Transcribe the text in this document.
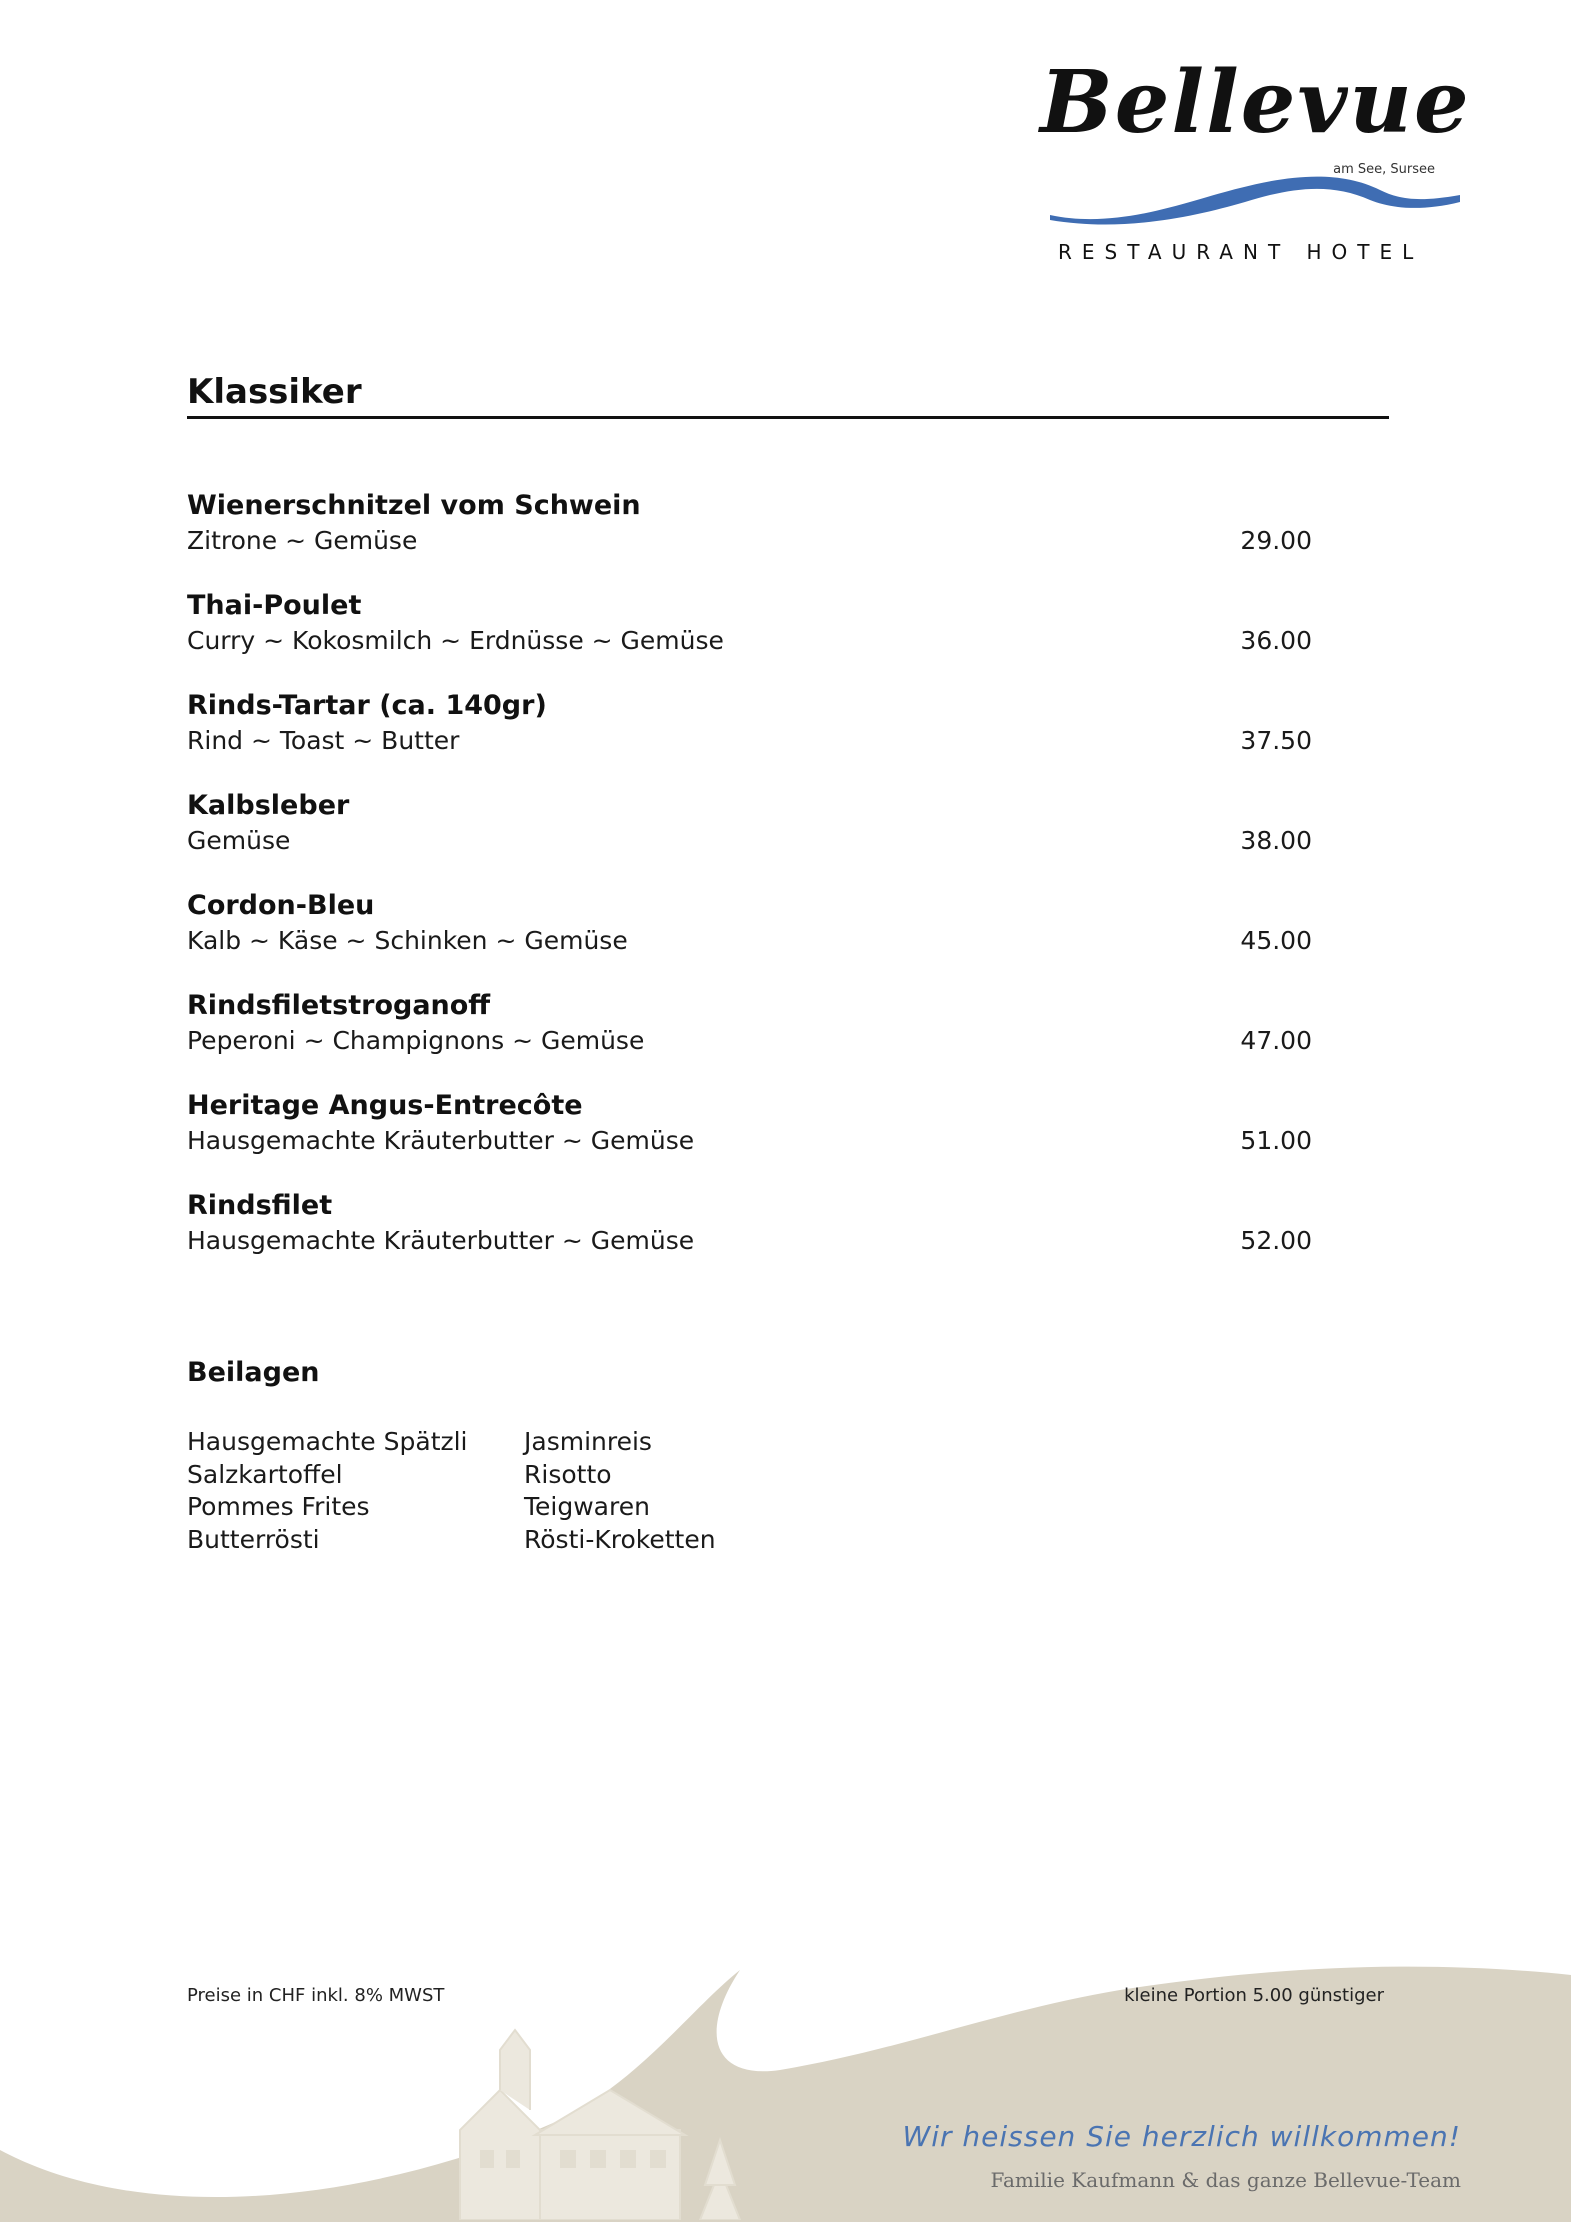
Bellevue
am See, Sursee
RESTAURANT HOTEL
Klassiker
Wienerschnitzel vom Schwein
Zitrone ~ Gemüse	29.00
Thai-Poulet
Curry ~ Kokosmilch ~ Erdnüsse ~ Gemüse	36.00
Rinds-Tartar (ca. 140gr)
Rind ~ Toast ~ Butter	37.50
Kalbsleber
Gemüse	38.00
Cordon-Bleu
Kalb ~ Käse ~ Schinken ~ Gemüse	45.00
Rindsfiletstroganoff
Peperoni ~ Champignons ~ Gemüse	47.00
Heritage Angus-Entrecôte
Hausgemachte Kräuterbutter ~ Gemüse	51.00
Rindsfilet
Hausgemachte Kräuterbutter ~ Gemüse	52.00
Beilagen
Hausgemachte Spätzli
Salzkartoffel
Pommes Frites
Butterrösti
Jasminreis
Risotto
Teigwaren
Rösti-Kroketten
Preise in CHF inkl. 8% MWST	kleine Portion 5.00 günstiger
Wir heissen Sie herzlich willkommen!
Familie Kaufmann & das ganze Bellevue-Team
